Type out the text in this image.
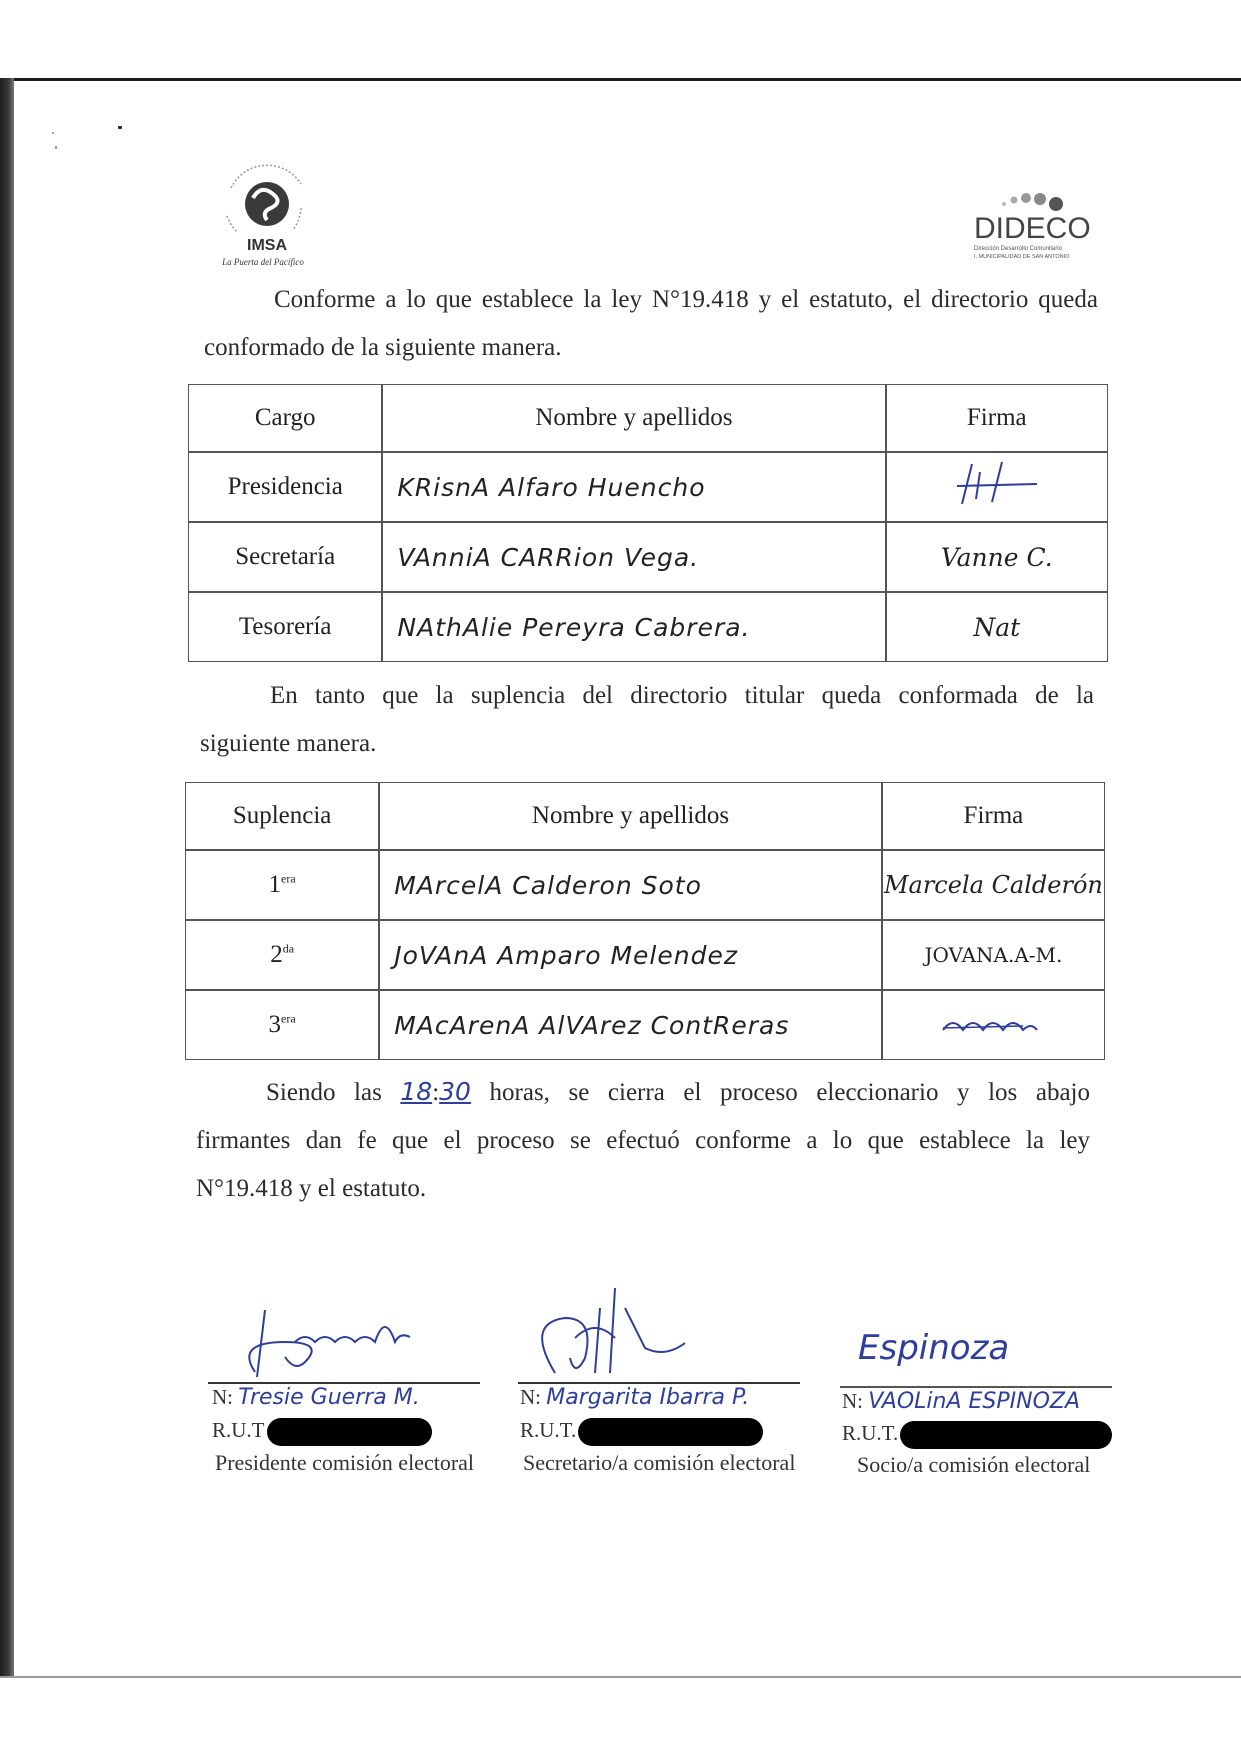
IMSA
La Puerta del Pacífico
DIDECO
Dirección Desarrollo Comunitario
I. MUNICIPALIDAD DE SAN ANTONIO
Conforme a lo que establece la ley N°19.418 y el estatuto, el directorio queda
conformado de la siguiente manera.
Cargo	Nombre y apellidos	Firma
Presidencia	KRisnA Alfaro Huencho	
Secretaría	VAnniA CARRion Vega.	Vanne C.
Tesorería	NAthAlie Pereyra Cabrera.	Nat
En tanto que la suplencia del directorio titular queda conformada de la
siguiente manera.
Suplencia	Nombre y apellidos	Firma
$1^{era}$	MArcelA Calderon Soto	Marcela Calderón
$2^{da}$	JoVAnA Amparo Melendez	JOVANA.A-M.
$3^{era}$	MAcArenA AlVArez ContReras	
Siendo las 18:30 horas, se cierra el proceso eleccionario y los abajo
firmantes dan fe que el proceso se efectuó conforme a lo que establece la ley
N°19.418 y el estatuto.
N: Tresie Guerra M.
R.U.T
Presidente comisión electoral
N: Margarita Ibarra P.
R.U.T.
Secretario/a comisión electoral
Espinoza
N: VAOLinA ESPINOZA
R.U.T.
Socio/a comisión electoral
